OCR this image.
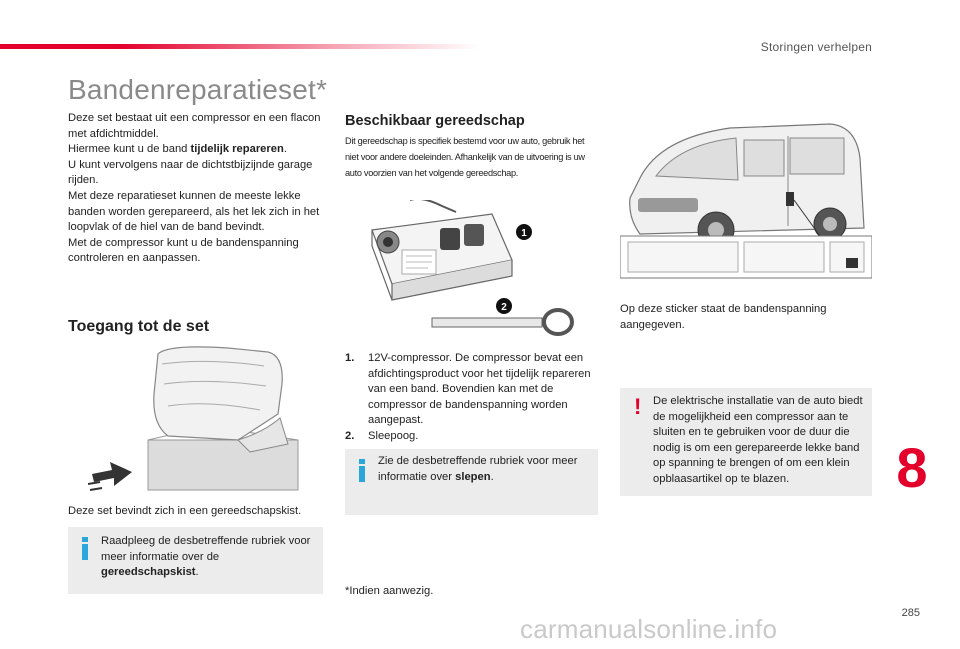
Storingen verhelpen
Bandenreparatieset*

Deze set bestaat uit een compressor en een flacon met afdichtmiddel.

Hiermee kunt u de band tijdelijk repareren.

U kunt vervolgens naar de dichtstbijzijnde garage rijden.

Met deze reparatieset kunnen de meeste lekke banden worden gerepareerd, als het lek zich in het loopvlak of de hiel van de band bevindt.

Met de compressor kunt u de bandenspanning controleren en aanpassen.

Toegang tot de set
Deze set bevindt zich in een gereedschapskist.
Raadpleeg de desbetreffende rubriek voor meer informatie over de gereedschapskist.
Beschikbaar gereedschap
Dit gereedschap is specifiek bestemd voor uw auto, gebruik het niet voor andere doeleinden. Afhankelijk van de uitvoering is uw auto voorzien van het volgende gereedschap.
1
2
1.	12V-compressor. De compressor bevat een afdichtingsproduct voor het tijdelijk repareren van een band. Bovendien kan met de compressor de bandenspanning worden aangepast.
2.	Sleepoog.
Zie de desbetreffende rubriek voor meer informatie over slepen.
*Indien aanwezig.
Op deze sticker staat de bandenspanning aangegeven.
! De elektrische installatie van de auto biedt de mogelijkheid een compressor aan te sluiten en te gebruiken voor de duur die nodig is om een gerepareerde lekke band op spanning te brengen of om een klein opblaasartikel op te blazen.	8
285
carmanualsonline.info
